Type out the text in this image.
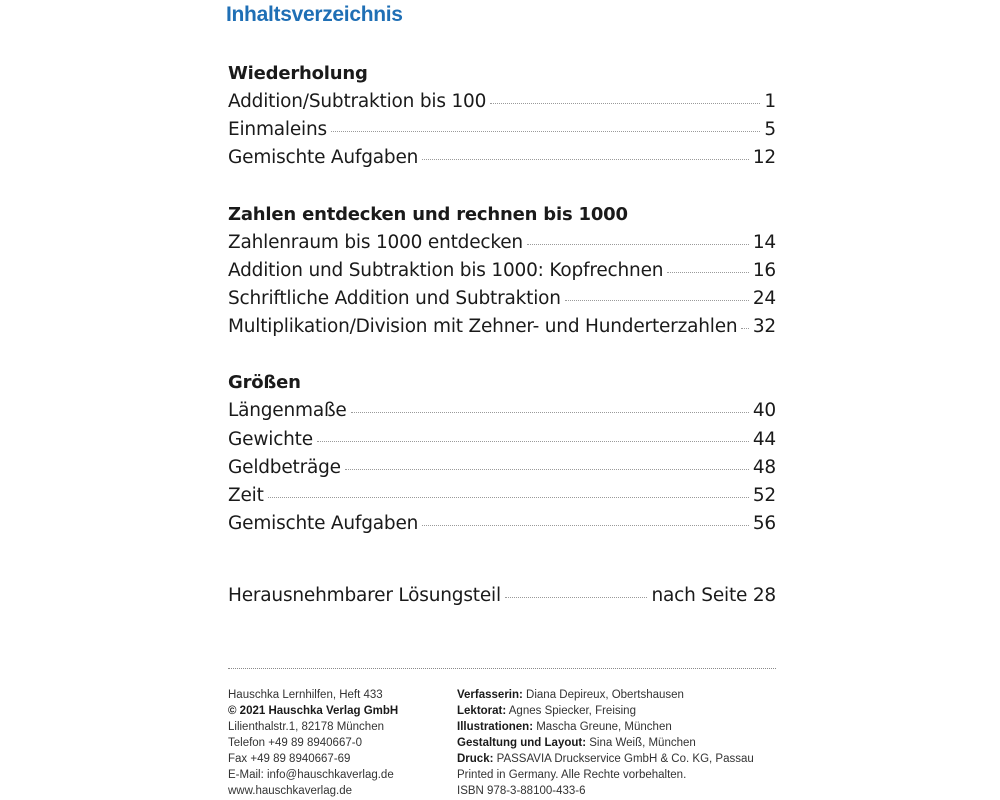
Inhaltsverzeichnis
Wiederholung
Addition/Subtraktion bis 100	1
Einmaleins	5
Gemischte Aufgaben	12
Zahlen entdecken und rechnen bis 1000
Zahlenraum bis 1000 entdecken	14
Addition und Subtraktion bis 1000: Kopfrechnen	16
Schriftliche Addition und Subtraktion	24
Multiplikation/Division mit Zehner- und Hunderterzahlen 32
Größen
Längenmaße	40
Gewichte	44
Geldbeträge	48
Zeit	52
Gemischte Aufgaben	56
Herausnehmbarer Lösungsteil	nach Seite 28
Hauschka Lernhilfen, Heft 433
© 2021 Hauschka Verlag GmbH
Lilienthalstr.1, 82178 München
Telefon +49 89 8940667-0
Fax +49 89 8940667-69
E-Mail: info@hauschkaverlag.de
www.hauschkaverlag.de
Verfasserin: Diana Depireux, Obertshausen
Lektorat: Agnes Spiecker, Freising
Illustrationen: Mascha Greune, München
Gestaltung und Layout: Sina Weiß, München
Druck: PASSAVIA Druckservice GmbH & Co. KG, Passau
Printed in Germany. Alle Rechte vorbehalten.
ISBN 978-3-88100-433-6
